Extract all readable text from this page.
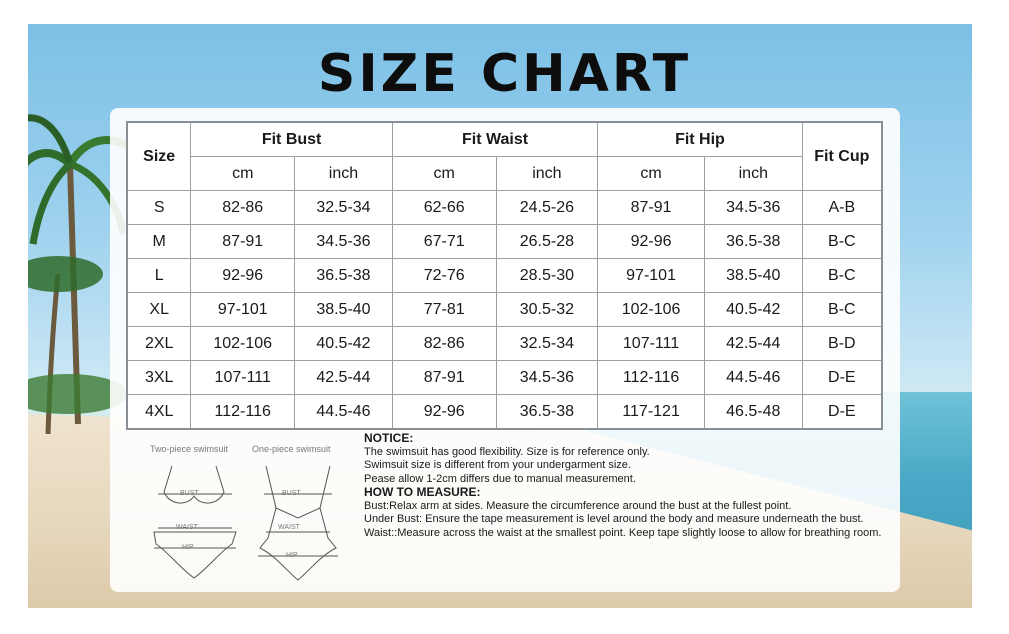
SIZE CHART
Size	Fit Bust		Fit Waist		Fit Hip		Fit Cup
	cm	inch	cm	inch	cm	inch	
S	82-86	32.5-34	62-66	24.5-26	87-91	34.5-36	A-B
M	87-91	34.5-36	67-71	26.5-28	92-96	36.5-38	B-C
L	92-96	36.5-38	72-76	28.5-30	97-101	38.5-40	B-C
XL	97-101	38.5-40	77-81	30.5-32	102-106	40.5-42	B-C
2XL	102-106	40.5-42	82-86	32.5-34	107-111	42.5-44	B-D
3XL	107-111	42.5-44	87-91	34.5-36	112-116	44.5-46	D-E
4XL	112-116	44.5-46	92-96	36.5-38	117-121	46.5-48	D-E
Two-piece swimsuit	One-piece swimsuit
BUST
WAIST
HIP
BUST
WAIST
HIP

NOTICE:

The swimsuit has good flexibility. Size is for reference only.

Swimsuit size is different from your undergarment size.

Pease allow 1-2cm differs due to manual measurement.

HOW TO MEASURE:

Bust:Relax arm at sides. Measure the circumference around the bust at the fullest point.

Under Bust: Ensure the tape measurement is level around the body and measure underneath the bust.

Waist::Measure across the waist at the smallest point. Keep tape slightly loose to allow for breathing room.
